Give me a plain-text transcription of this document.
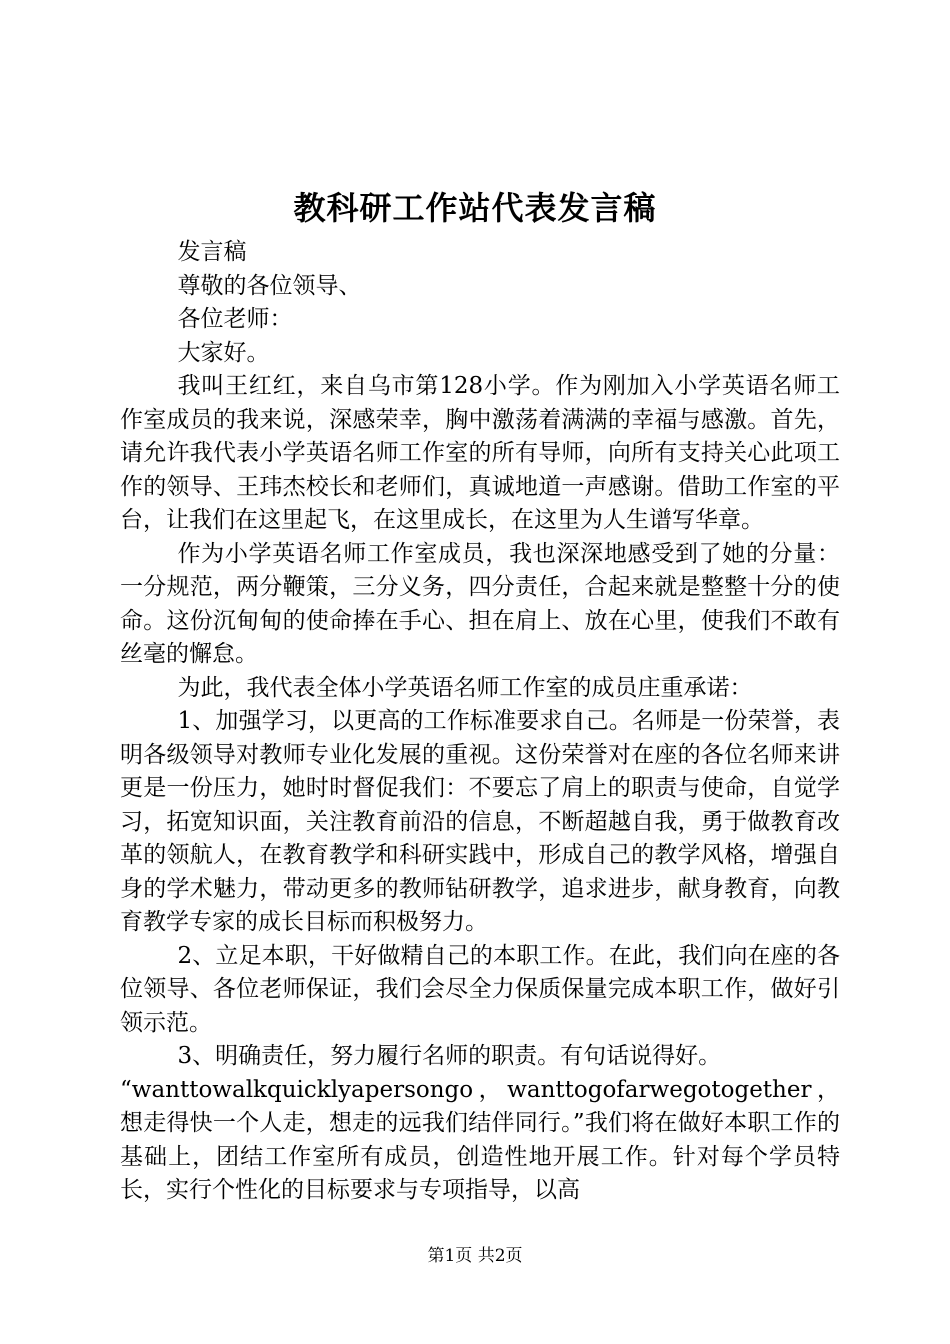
教科研工作站代表发言稿

发言稿

尊敬的各位领导、

各位老师：

大家好。

我叫王红红，来自乌市第128小学。作为刚加入小学英语名师工作室成员的我来说，深感荣幸，胸中激荡着满满的幸福与感激。首先，请允许我代表小学英语名师工作室的所有导师，向所有支持关心此项工作的领导、王玮杰校长和老师们，真诚地道一声感谢。借助工作室的平台，让我们在这里起飞，在这里成长，在这里为人生谱写华章。

作为小学英语名师工作室成员，我也深深地感受到了她的分量：一分规范，两分鞭策，三分义务，四分责任，合起来就是整整十分的使命。这份沉甸甸的使命捧在手心、担在肩上、放在心里，使我们不敢有丝毫的懈怠。

为此，我代表全体小学英语名师工作室的成员庄重承诺：

1、加强学习，以更高的工作标准要求自己。名师是一份荣誉，表明各级领导对教师专业化发展的重视。这份荣誉对在座的各位名师来讲更是一份压力，她时时督促我们：不要忘了肩上的职责与使命，自觉学习，拓宽知识面，关注教育前沿的信息，不断超越自我，勇于做教育改革的领航人，在教育教学和科研实践中，形成自己的教学风格，增强自身的学术魅力，带动更多的教师钻研教学，追求进步，献身教育，向教育教学专家的成长目标而积极努力。

2、立足本职，干好做精自己的本职工作。在此，我们向在座的各位领导、各位老师保证，我们会尽全力保质保量完成本职工作，做好引领示范。

3、明确责任，努力履行名师的职责。有句话说得好。

“wanttowalkquicklyapersongo，wanttogofarwegotogether，想走得快一个人走，想走的远我们结伴同行。”我们将在做好本职工作的基础上，团结工作室所有成员，创造性地开展工作。针对每个学员特长，实行个性化的目标要求与专项指导，以高

第1页 共2页
